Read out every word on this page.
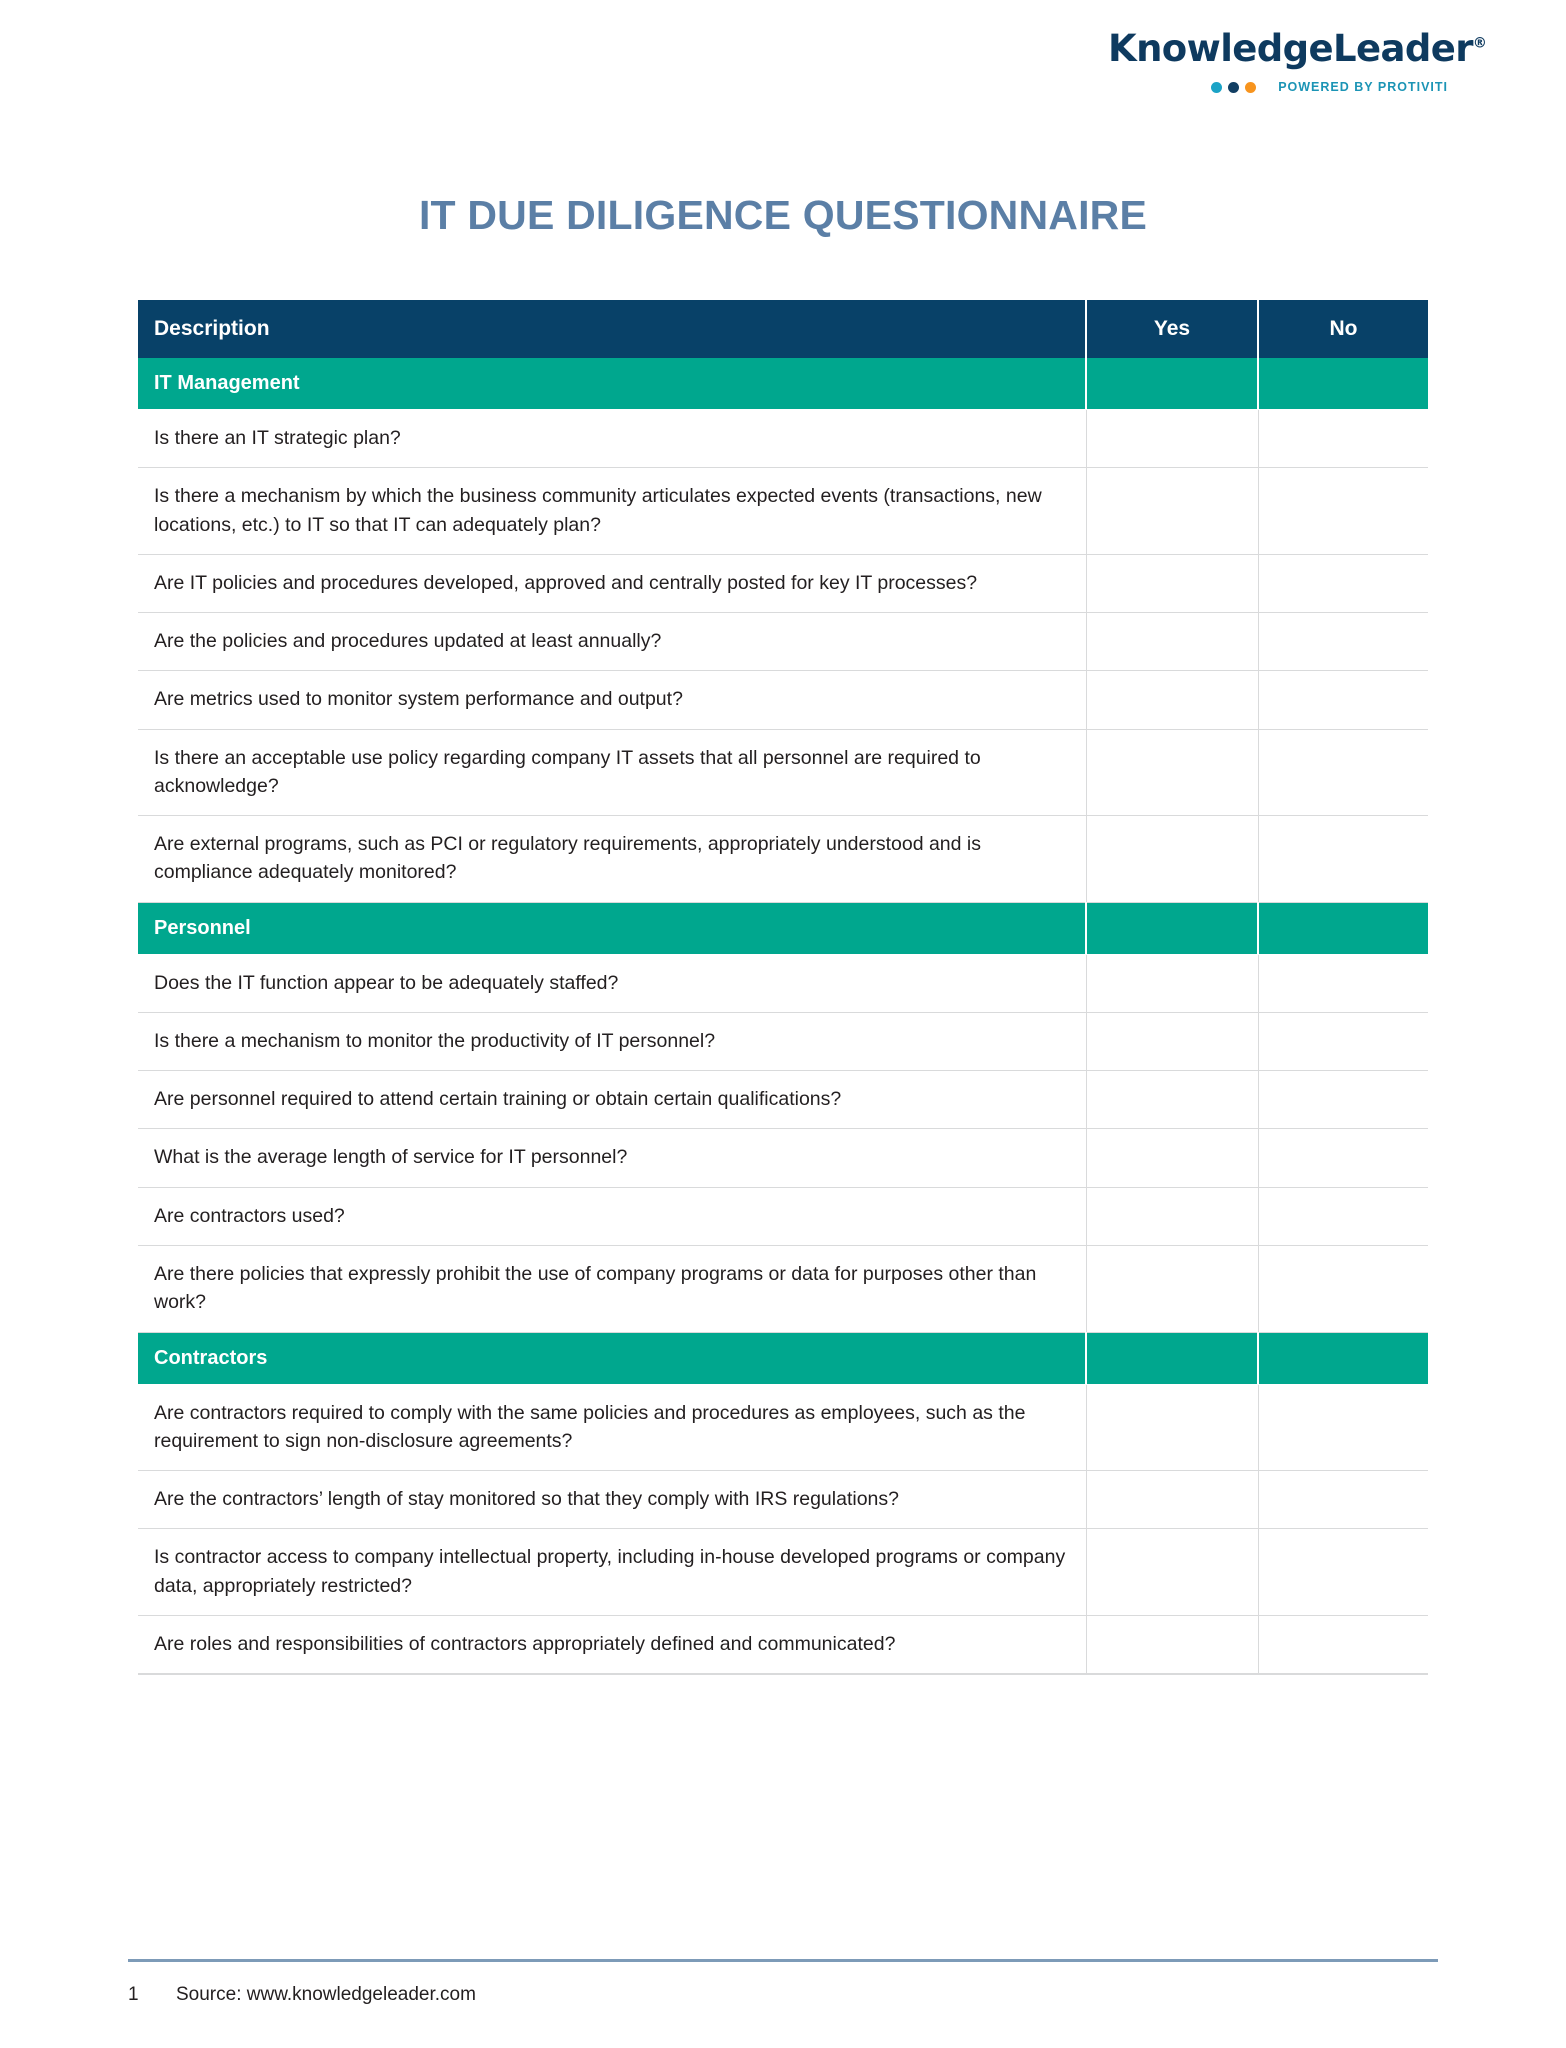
KnowledgeLeader®
POWERED BY PROTIVITI
IT DUE DILIGENCE QUESTIONNAIRE
Description	Yes	No
IT Management		
Is there an IT strategic plan?		
Is there a mechanism by which the business community articulates expected events (transactions, new locations, etc.) to IT so that IT can adequately plan?		
Are IT policies and procedures developed, approved and centrally posted for key IT processes?		
Are the policies and procedures updated at least annually?		
Are metrics used to monitor system performance and output?		
Is there an acceptable use policy regarding company IT assets that all personnel are required to acknowledge?		
Are external programs, such as PCI or regulatory requirements, appropriately understood and is compliance adequately monitored?		
Personnel		
Does the IT function appear to be adequately staffed?		
Is there a mechanism to monitor the productivity of IT personnel?		
Are personnel required to attend certain training or obtain certain qualifications?		
What is the average length of service for IT personnel?		
Are contractors used?		
Are there policies that expressly prohibit the use of company programs or data for purposes other than work?		
Contractors		
Are contractors required to comply with the same policies and procedures as employees, such as the requirement to sign non-disclosure agreements?		
Are the contractors’ length of stay monitored so that they comply with IRS regulations?		
Is contractor access to company intellectual property, including in-house developed programs or company data, appropriately restricted?		
Are roles and responsibilities of contractors appropriately defined and communicated?		
1	Source: www.knowledgeleader.com
